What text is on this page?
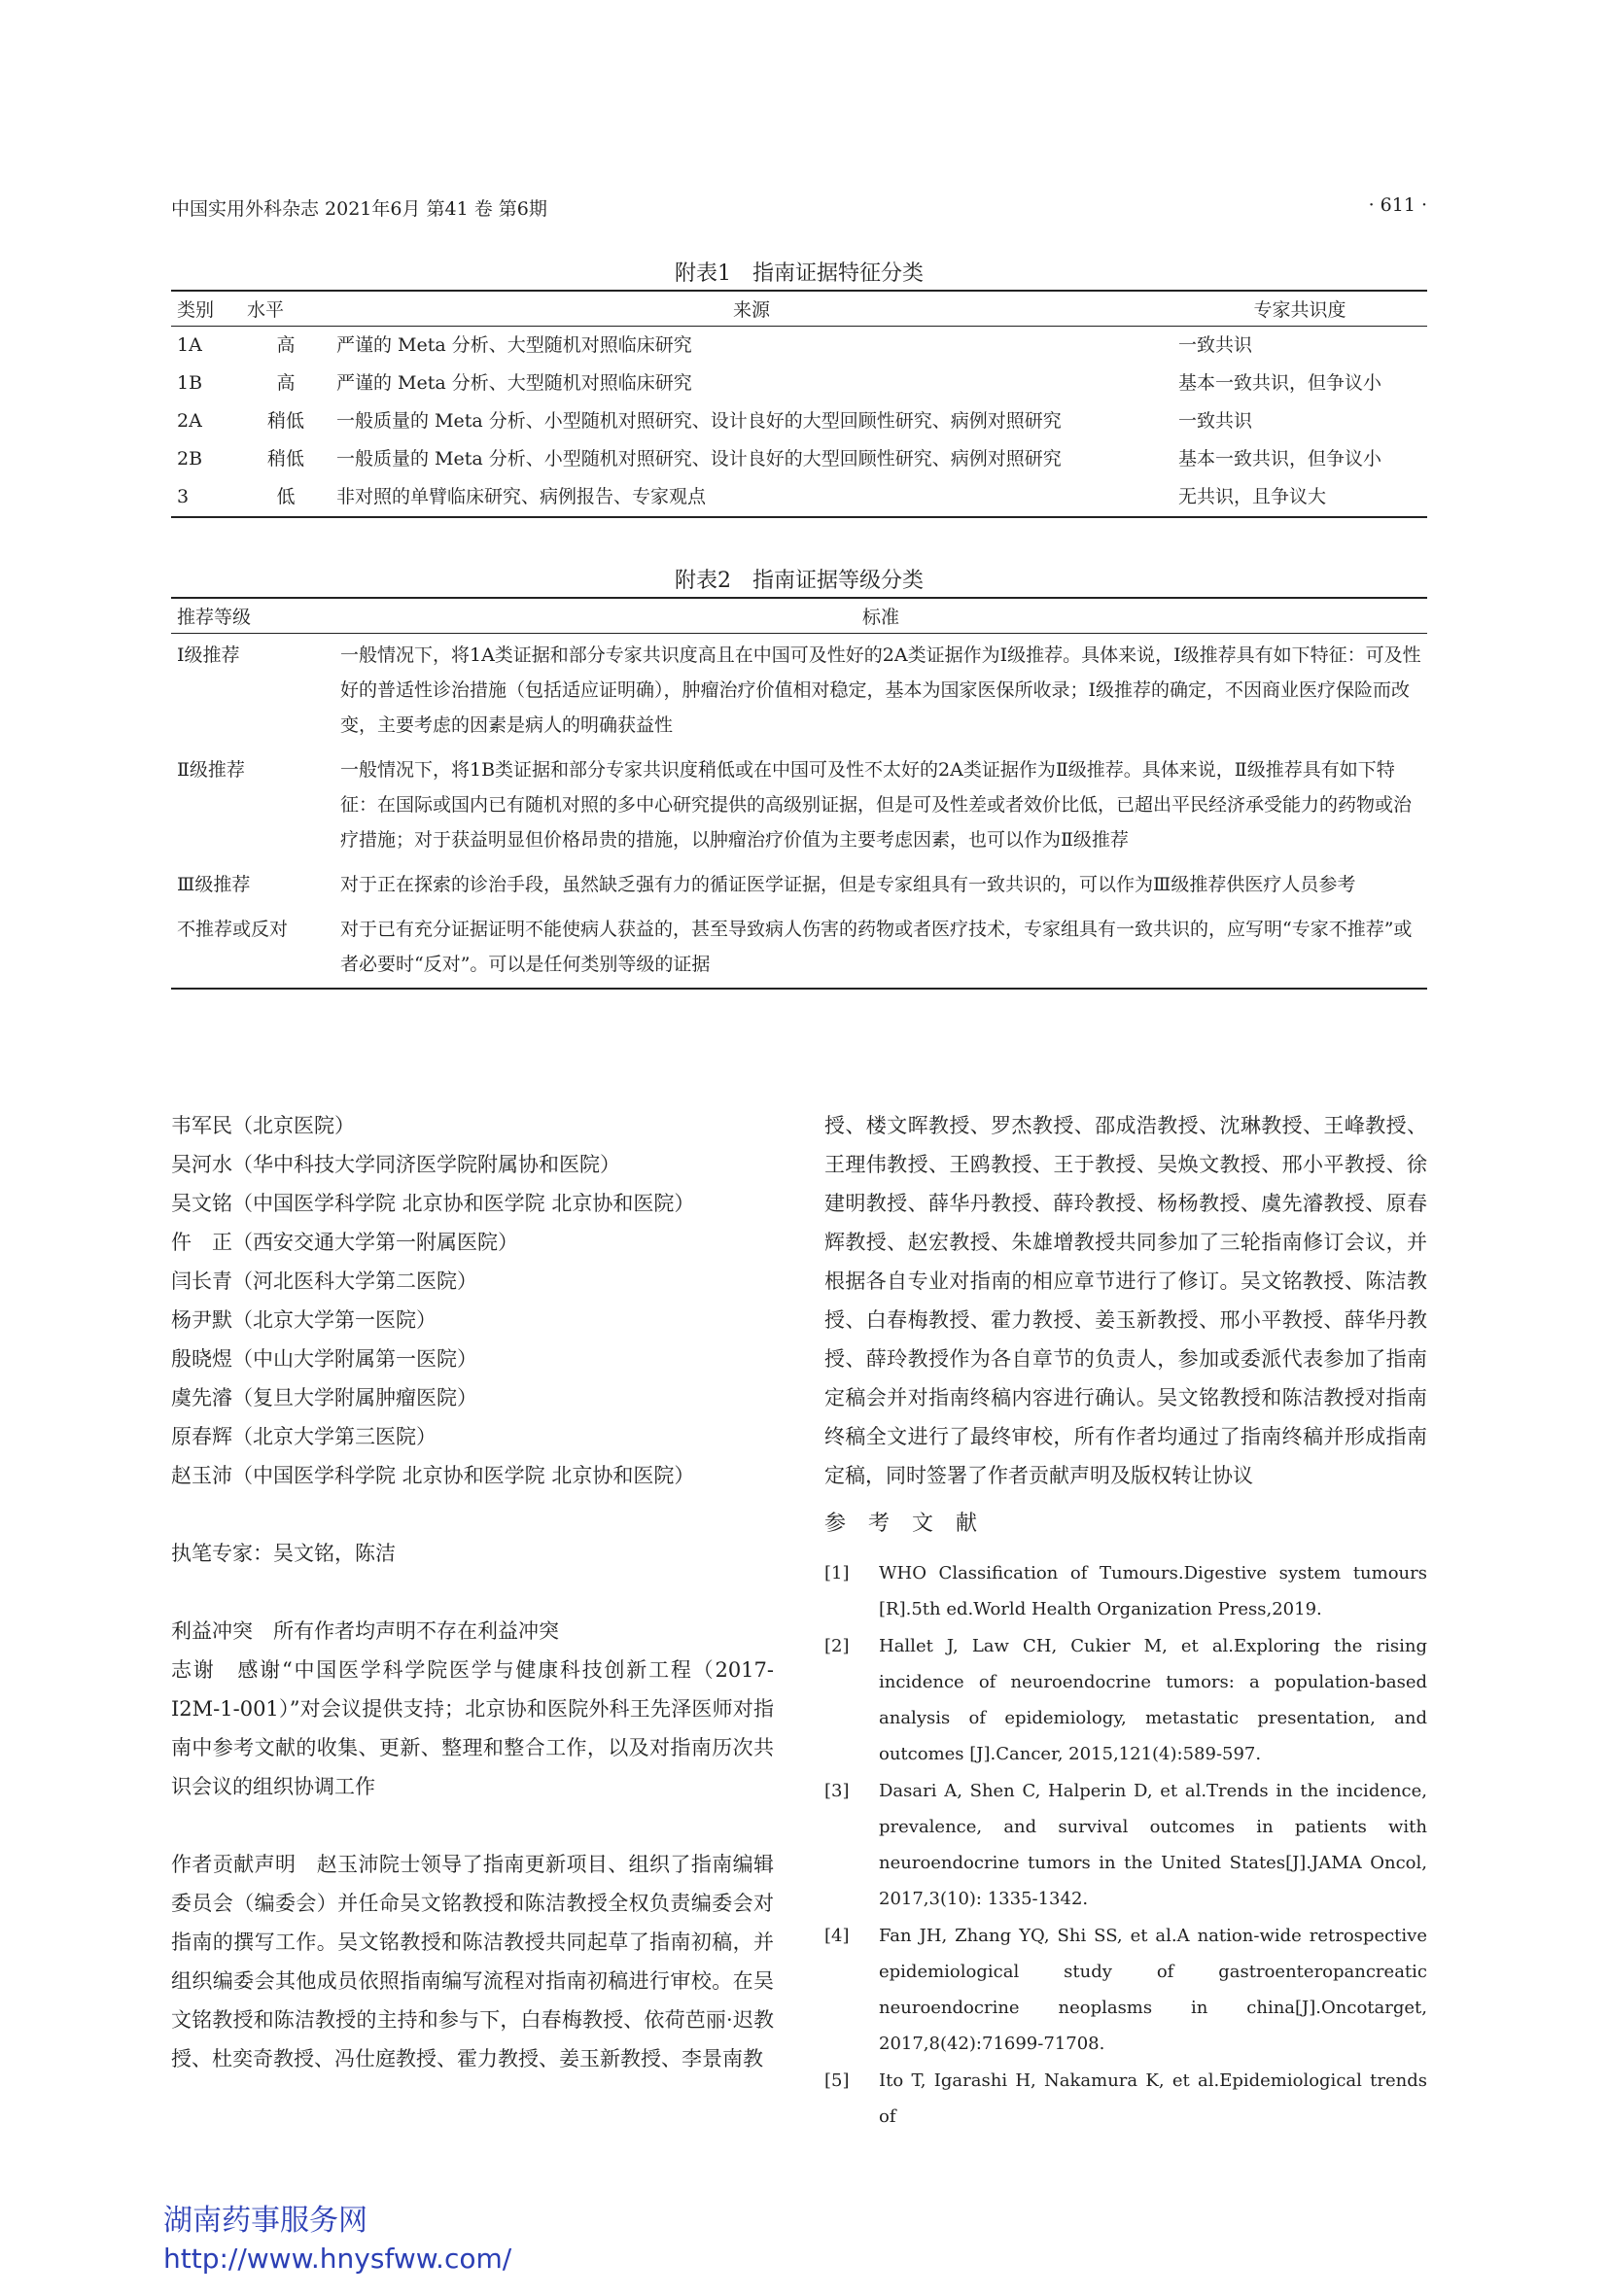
中国实用外科杂志 2021年6月 第41 卷 第6期	· 611 ·
附表1　指南证据特征分类
类别	水平	来源	专家共识度
1A	高	严谨的 Meta 分析、大型随机对照临床研究	一致共识
1B	高	严谨的 Meta 分析、大型随机对照临床研究	基本一致共识，但争议小
2A	稍低	一般质量的 Meta 分析、小型随机对照研究、设计良好的大型回顾性研究、病例对照研究	一致共识
2B	稍低	一般质量的 Meta 分析、小型随机对照研究、设计良好的大型回顾性研究、病例对照研究	基本一致共识，但争议小
3	低	非对照的单臂临床研究、病例报告、专家观点	无共识，且争议大
附表2　指南证据等级分类
推荐等级	标准
Ⅰ级推荐	一般情况下，将1A类证据和部分专家共识度高且在中国可及性好的2A类证据作为Ⅰ级推荐。具体来说，Ⅰ级推荐具有如下特征：可及性好的普适性诊治措施（包括适应证明确），肿瘤治疗价值相对稳定，基本为国家医保所收录；Ⅰ级推荐的确定，不因商业医疗保险而改变，主要考虑的因素是病人的明确获益性
Ⅱ级推荐	一般情况下，将1B类证据和部分专家共识度稍低或在中国可及性不太好的2A类证据作为Ⅱ级推荐。具体来说，Ⅱ级推荐具有如下特征：在国际或国内已有随机对照的多中心研究提供的高级别证据，但是可及性差或者效价比低，已超出平民经济承受能力的药物或治疗措施；对于获益明显但价格昂贵的措施，以肿瘤治疗价值为主要考虑因素，也可以作为Ⅱ级推荐
Ⅲ级推荐	对于正在探索的诊治手段，虽然缺乏强有力的循证医学证据，但是专家组具有一致共识的，可以作为Ⅲ级推荐供医疗人员参考
不推荐或反对	对于已有充分证据证明不能使病人获益的，甚至导致病人伤害的药物或者医疗技术，专家组具有一致共识的，应写明“专家不推荐”或者必要时“反对”。可以是任何类别等级的证据
韦军民（北京医院）
吴河水（华中科技大学同济医学院附属协和医院）
吴文铭（中国医学科学院 北京协和医学院 北京协和医院）
仵　正（西安交通大学第一附属医院）
闫长青（河北医科大学第二医院）
杨尹默（北京大学第一医院）
殷晓煜（中山大学附属第一医院）
虞先濬（复旦大学附属肿瘤医院）
原春辉（北京大学第三医院）
赵玉沛（中国医学科学院 北京协和医学院 北京协和医院）

执笔专家：吴文铭，陈洁

利益冲突　所有作者均声明不存在利益冲突

志谢　感谢“中国医学科学院医学与健康科技创新工程（2017-I2M-1-001）”对会议提供支持；北京协和医院外科王先泽医师对指南中参考文献的收集、更新、整理和整合工作，以及对指南历次共识会议的组织协调工作

作者贡献声明　赵玉沛院士领导了指南更新项目、组织了指南编辑委员会（编委会）并任命吴文铭教授和陈洁教授全权负责编委会对指南的撰写工作。吴文铭教授和陈洁教授共同起草了指南初稿，并组织编委会其他成员依照指南编写流程对指南初稿进行审校。在吴文铭教授和陈洁教授的主持和参与下，白春梅教授、依荷芭丽·迟教授、杜奕奇教授、冯仕庭教授、霍力教授、姜玉新教授、李景南教

授、楼文晖教授、罗杰教授、邵成浩教授、沈琳教授、王峰教授、王理伟教授、王鸥教授、王于教授、吴焕文教授、邢小平教授、徐建明教授、薛华丹教授、薛玲教授、杨杨教授、虞先濬教授、原春辉教授、赵宏教授、朱雄增教授共同参加了三轮指南修订会议，并根据各自专业对指南的相应章节进行了修订。吴文铭教授、陈洁教授、白春梅教授、霍力教授、姜玉新教授、邢小平教授、薛华丹教授、薛玲教授作为各自章节的负责人，参加或委派代表参加了指南定稿会并对指南终稿内容进行确认。吴文铭教授和陈洁教授对指南终稿全文进行了最终审校，所有作者均通过了指南终稿并形成指南定稿，同时签署了作者贡献声明及版权转让协议

参 考 文 献
[1]	WHO Classification of Tumours.Digestive system tumours [R].5th ed.World Health Organization Press,2019.
[2]	Hallet J, Law CH, Cukier M, et al.Exploring the rising incidence of neuroendocrine tumors: a population-based analysis of epidemiology, metastatic presentation, and outcomes [J].Cancer, 2015,121(4):589-597.
[3]	Dasari A, Shen C, Halperin D, et al.Trends in the incidence, prevalence, and survival outcomes in patients with neuroendocrine tumors in the United States[J].JAMA Oncol, 2017,3(10): 1335-1342.
[4]	Fan JH, Zhang YQ, Shi SS, et al.A nation-wide retrospective epidemiological study of gastroenteropancreatic neuroendocrine neoplasms in china[J].Oncotarget, 2017,8(42):71699-71708.
[5]	Ito T, Igarashi H, Nakamura K, et al.Epidemiological trends of
湖南药事服务网
http://www.hnysfww.com/
